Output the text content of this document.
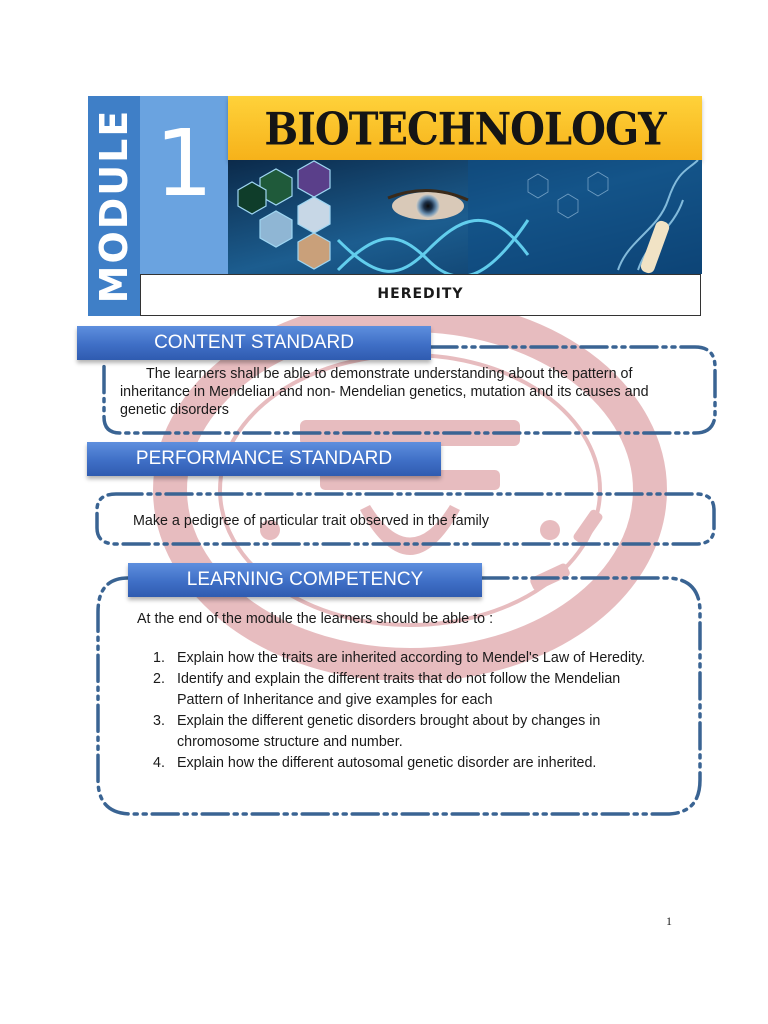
MODULE 1	BIOTECHNOLOGY
HEREDITY
CONTENT STANDARD
The learners shall be able to demonstrate understanding about the pattern of inheritance in Mendelian and non- Mendelian genetics, mutation and its causes and genetic disorders
PERFORMANCE STANDARD
Make a pedigree of particular trait observed in the family
LEARNING COMPETENCY
At the end of the module the learners should be able to :
1. Explain how the traits are inherited according to Mendel's Law of Heredity.
2. Identify and explain the different traits that do not follow the Mendelian Pattern of Inheritance and give examples for each
3. Explain the different genetic disorders brought about by changes in chromosome structure and number.
4. Explain how the different autosomal genetic disorder are inherited.
1
